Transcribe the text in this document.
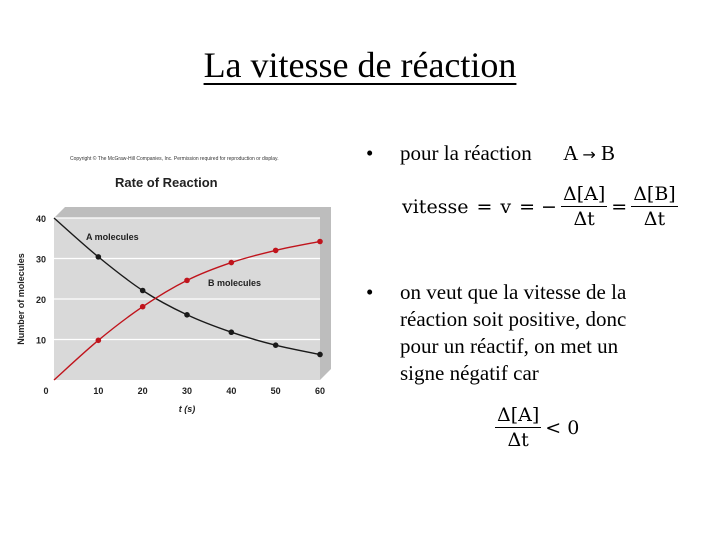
La vitesse de réaction
Copyright © The McGraw-Hill Companies, Inc. Permission required for reproduction or display.
Rate of Reaction
10
20
30
40
0	10	20	30	40	50	60
t (s)
Number of molecules
A molecules
B molecules
• pour la réaction A → B
vitesse = v = − $\frac{\Delta[A]}{\Delta t} = \frac{\Delta[B]}{\Delta t}$
• on veut que la vitesse de la
réaction soit positive, donc
pour un réactif, on met un
signe négatif car
$\frac{\Delta[A]}{\Delta t} < 0$
